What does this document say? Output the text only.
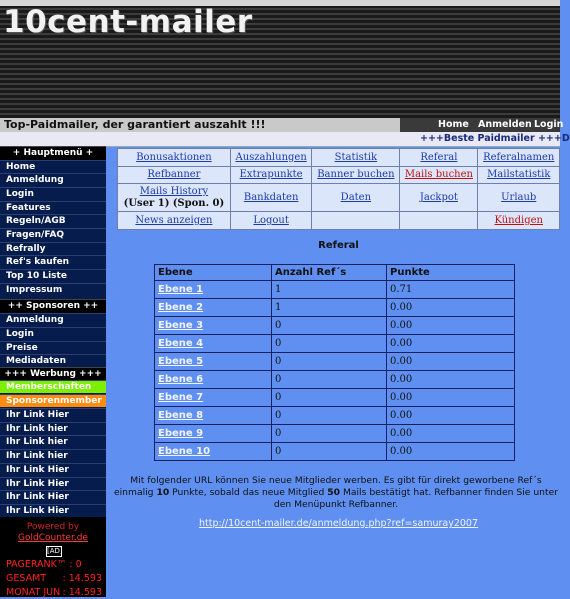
10cent-mailer
Top-Paidmailer, der garantiert auszahlt !!!	Home Anmelden Login
+++Beste Paidmailer +++D
+ Hauptmenü +
Home
Anmeldung
Login
Features
Regeln/AGB
Fragen/FAQ
Refrally
Ref's kaufen
Top 10 Liste
Impressum
++ Sponsoren ++
Anmeldung
Login
Preise
Mediadaten
+++ Werbung +++
Memberschaften
Sponsorenmember
Ihr Link Hier
Ihr Link hier
Ihr Link hier
Ihr Link hier
Ihr Link Hier
Ihr Link Hier
Ihr Link Hier
Ihr Link Hier
Powered by
GoldCounter.de
[AD]
PAGERANK™ : 0
GESAMT : 14.593
MONAT JUN : 14.593
Bonusaktionen	Auszahlungen	Statistik	Referal	Referalnamen
Refbanner	Extrapunkte	Banner buchen	Mails buchen	Mailstatistik
Mails History
(User 1) (Spon. 0)	Bankdaten	Daten	Jackpot	Urlaub
News anzeigen	Logout			Kündigen
Referal
Ebene	Anzahl Ref´s	Punkte
Ebene 1	1	0.71
Ebene 2	1	0.00
Ebene 3	0	0.00
Ebene 4	0	0.00
Ebene 5	0	0.00
Ebene 6	0	0.00
Ebene 7	0	0.00
Ebene 8	0	0.00
Ebene 9	0	0.00
Ebene 10	0	0.00
Mit folgender URL können Sie neue Mitglieder werben. Es gibt für direkt geworbene Ref´s einmalig 10 Punkte, sobald das neue Mitglied 50 Mails bestätigt hat. Refbanner finden Sie unter den Menüpunkt Refbanner.
http://10cent-mailer.de/anmeldung.php?ref=samuray2007
